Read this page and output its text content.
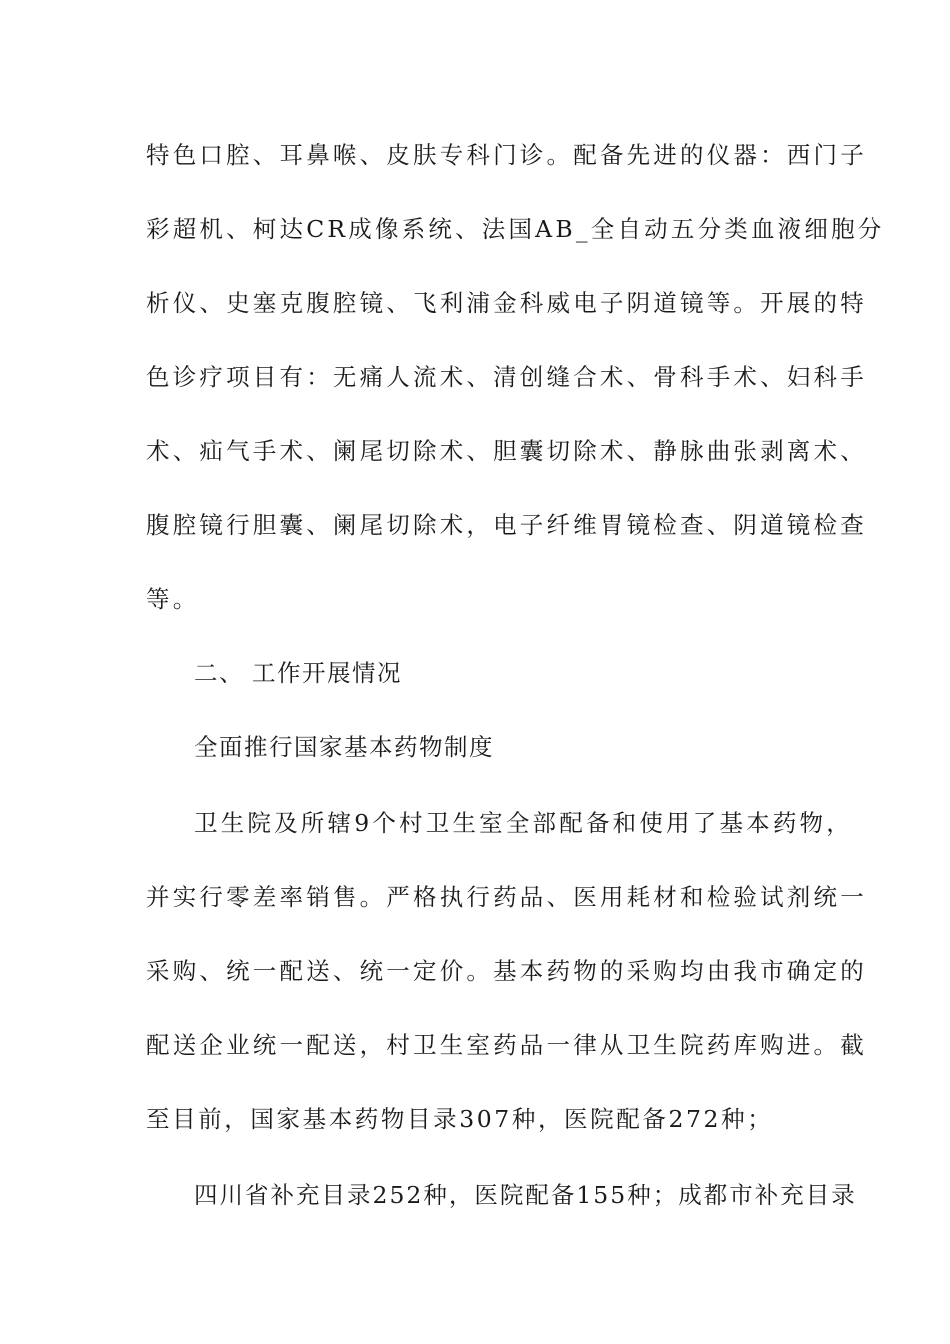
特色口腔、耳鼻喉、皮肤专科门诊。配备先进的仪器：西门子
彩超机、柯达CR成像系统、法国AB_全自动五分类血液细胞分
析仪、史塞克腹腔镜、飞利浦金科威电子阴道镜等。开展的特
色诊疗项目有：无痛人流术、清创缝合术、骨科手术、妇科手
术、疝气手术、阑尾切除术、胆囊切除术、静脉曲张剥离术、
腹腔镜行胆囊、阑尾切除术，电子纤维胃镜检查、阴道镜检查
等。
二、 工作开展情况
全面推行国家基本药物制度
卫生院及所辖9个村卫生室全部配备和使用了基本药物，
并实行零差率销售。严格执行药品、医用耗材和检验试剂统一
采购、统一配送、统一定价。基本药物的采购均由我市确定的
配送企业统一配送，村卫生室药品一律从卫生院药库购进。截
至目前，国家基本药物目录307种，医院配备272种；
四川省补充目录252种，医院配备155种；成都市补充目录
